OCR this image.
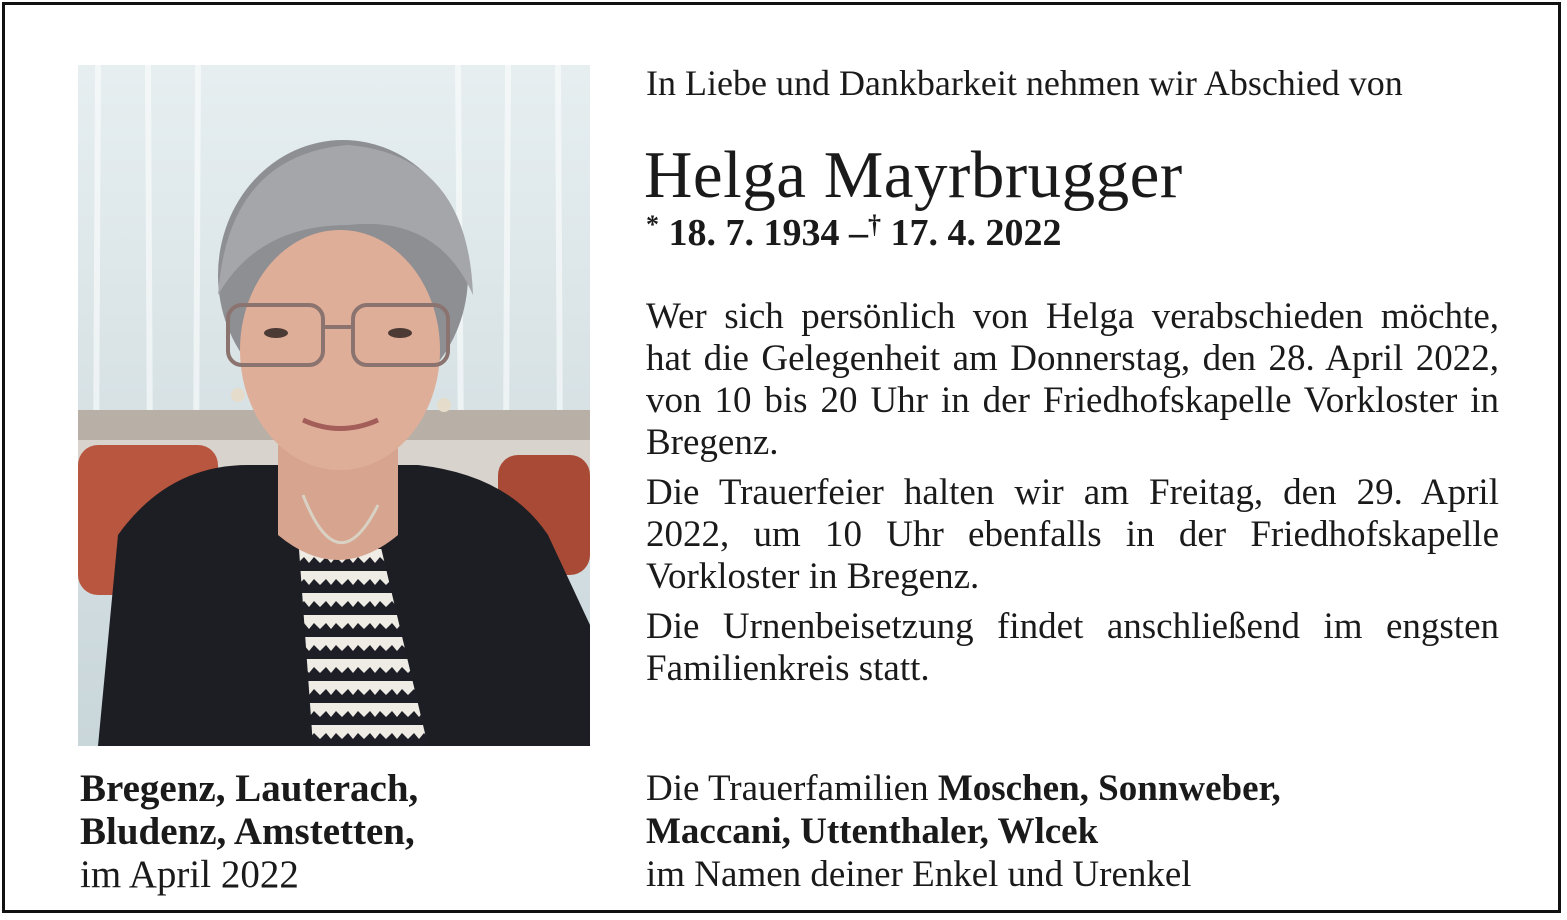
Bregenz, Lauterach,
Bludenz, Amstetten,
im April 2022

In Liebe und Dankbarkeit nehmen wir Abschied von

Helga Mayrbrugger
* 18. 7. 1934 –† 17. 4. 2022

Wer sich persönlich von Helga verabschieden möchte, hat die Gelegenheit am Donnerstag, den 28. April 2022, von 10 bis 20 Uhr in der Friedhofskapelle Vorkloster in Bregenz.

Die Trauerfeier halten wir am Freitag, den 29. April 2022, um 10 Uhr ebenfalls in der Friedhofskapelle Vorkloster in Bregenz.

Die Urnenbeisetzung findet anschließend im engsten Familienkreis statt.

Die Trauerfamilien Moschen, Sonnweber,
Maccani, Uttenthaler, Wlcek
im Namen deiner Enkel und Urenkel
